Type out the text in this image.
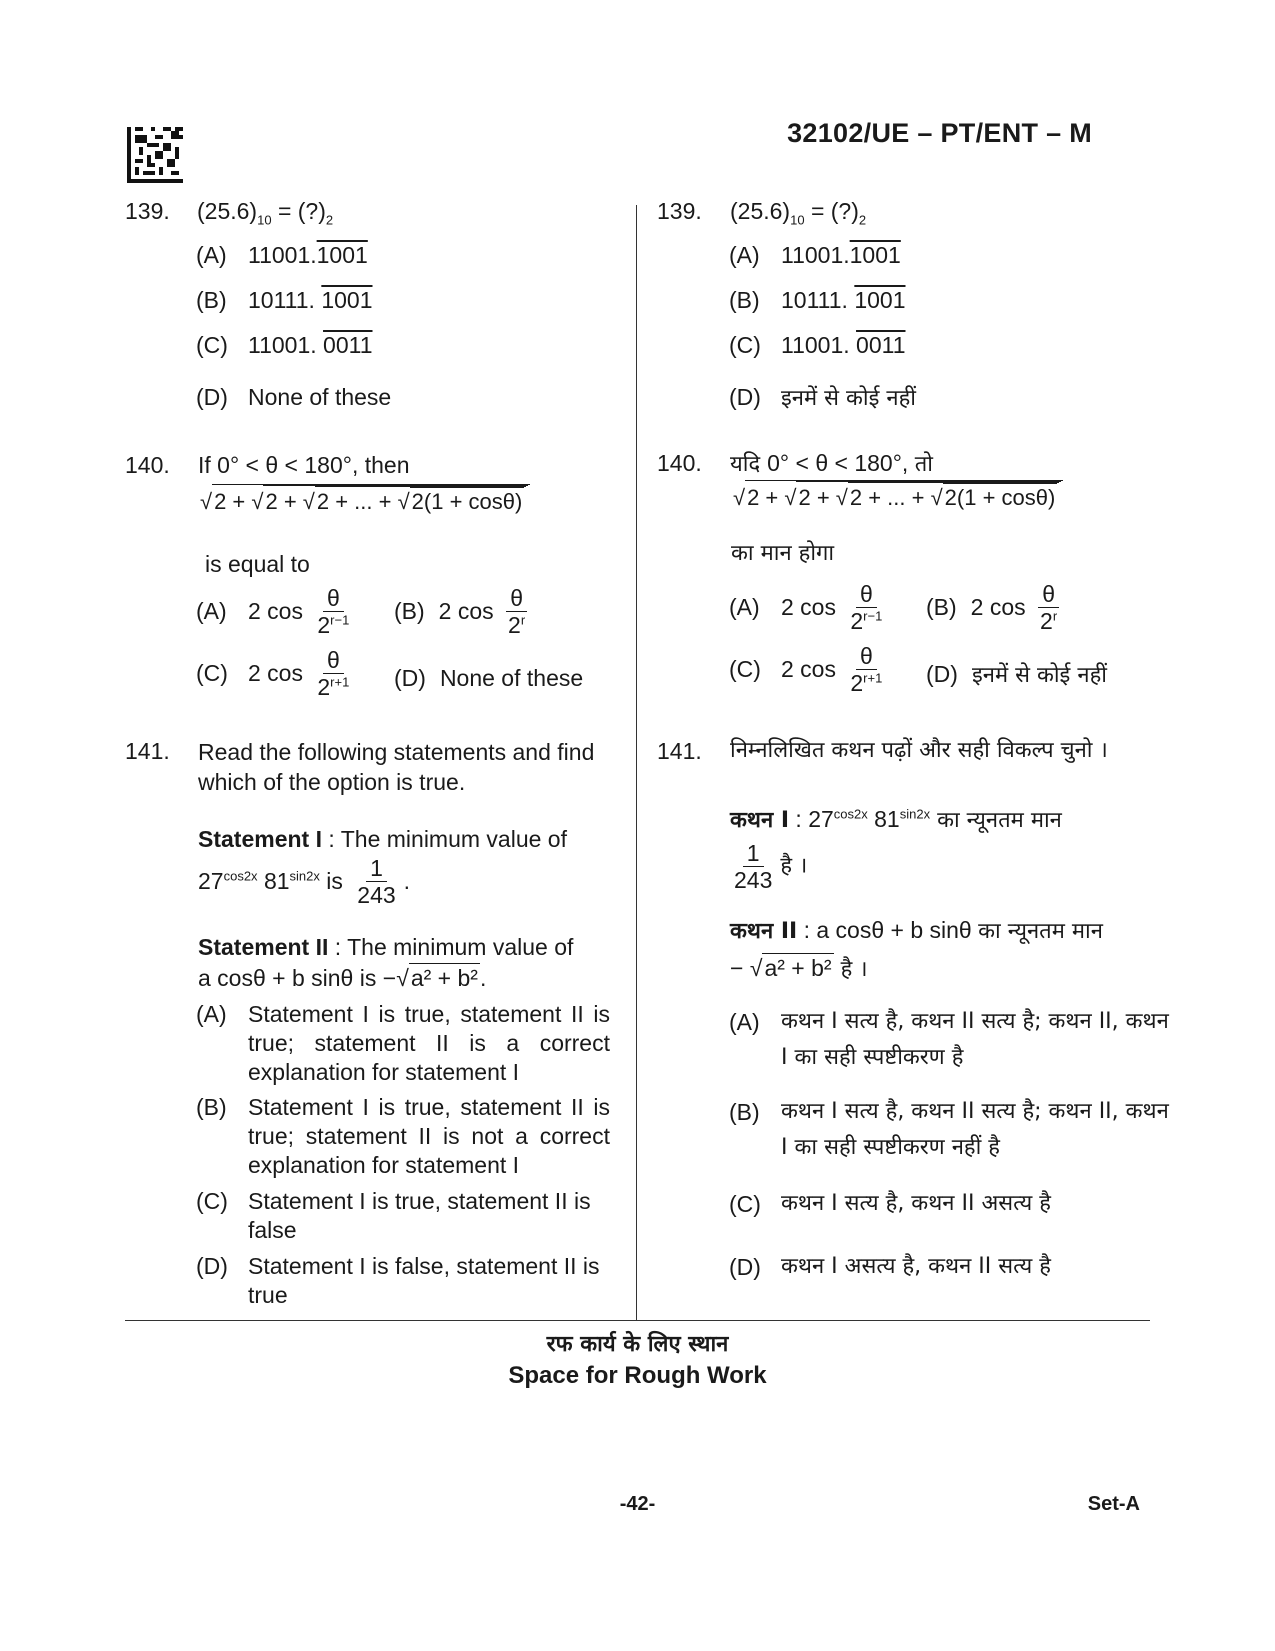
32102/UE – PT/ENT – M
139.	$(25.6)_{10}$ = $(?)_2$
(A) 11001.1001
(B) 10111. 1001
(C) 11001. 0011
(D) None of these
140.	If 0° < θ < 180°, then
√2 + √2 + √2 + ... + √2(1 + cosθ)
is equal to
(A) 2 $\cos \frac{\theta}{2^{r-1}} (B)$ 2 $\cos \frac{\theta}{2^r}$
(C) 2 $\cos \frac{\theta}{2^{r+1}} (D)$ None of these
141.	Read the following statements and find which of the option is true.
Statement I : The minimum value of
$27^{cos2x}$ $81^{sin2x}$ is $\frac{1}{243}$ .
Statement II : The minimum value of
a cosθ + b sinθ is −√a² + b².
(A) Statement I is true, statement II is true; statement II is a correct explanation for statement I
(B) Statement I is true, statement II is true; statement II is not a correct explanation for statement I
(C) Statement I is true, statement II is false
(D) Statement I is false, statement II is true
139.	$(25.6)_{10}$ = $(?)_2$
(A) 11001.1001
(B) 10111. 1001
(C) 11001. 0011
(D) इनमें से कोई नहीं
140.	यदि 0° < θ < 180°, तो
√2 + √2 + √2 + ... + √2(1 + cosθ)
का मान होगा
(A) 2 $\cos \frac{\theta}{2^{r-1}} (B)$ 2 $\cos \frac{\theta}{2^r}$
(C) 2 $\cos \frac{\theta}{2^{r+1}} (D)$ इनमें से कोई नहीं
141.	निम्नलिखित कथन पढ़ों और सही विकल्प चुनो ।
कथन I : $27^{cos2x}$ $81^{sin2x}$ का न्यूनतम मान
$\frac{1}{243}$ है ।
कथन II : a cosθ + b sinθ का न्यूनतम मान
− √a² + b² है ।
(A) कथन I सत्य है, कथन II सत्य है; कथन II, कथन I का सही स्पष्टीकरण है
(B) कथन I सत्य है, कथन II सत्य है; कथन II, कथन I का सही स्पष्टीकरण नहीं है
(C) कथन I सत्य है, कथन II असत्य है
(D) कथन I असत्य है, कथन II सत्य है
रफ कार्य के लिए स्थान
Space for Rough Work
-42-	Set-A
